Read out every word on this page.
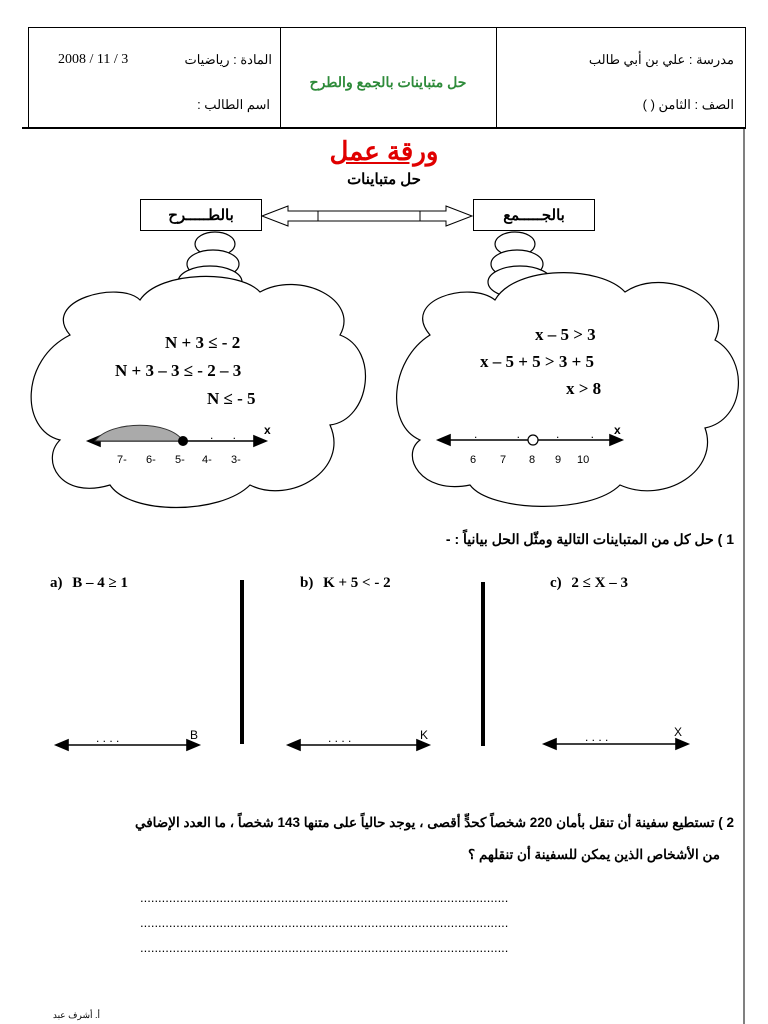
2008 / 11 / 3	المادة : رياضيات
اسم الطالب :
حل متباينات بالجمع والطرح
مدرسة : علي بن أبي طالب
الصف : الثامن ( )
ورقة عمل
حل متباينات
بالطـــــرح	بالجـــــمع
N + 3 ≤ - 2
N + 3 – 3 ≤ - 2 – 3
N ≤ - 5
x
. .
7- 6- 5- 4- 3-
x – 5 > 3
x – 5 + 5 > 3 + 5
x > 8
x
. . . .
6 7 8 9 10
1 ) حل كل من المتباينات التالية ومثّل الحل بيانياً : -
a) B – 4 ≥ 1	b) K + 5 < - 2	c) 2 ≤ X – 3
. . . .	B	. . . .	K	. . . .	X
2 ) تستطيع سفينة أن تنقل بأمان 220 شخصاً كحدٍّ أقصى ، يوجد حالياً على متنها 143 شخصاً ، ما العدد الإضافي
من الأشخاص الذين يمكن للسفينة أن تنقلهم ؟
......................................................................................................
......................................................................................................
......................................................................................................
أ. أشرف عبد
